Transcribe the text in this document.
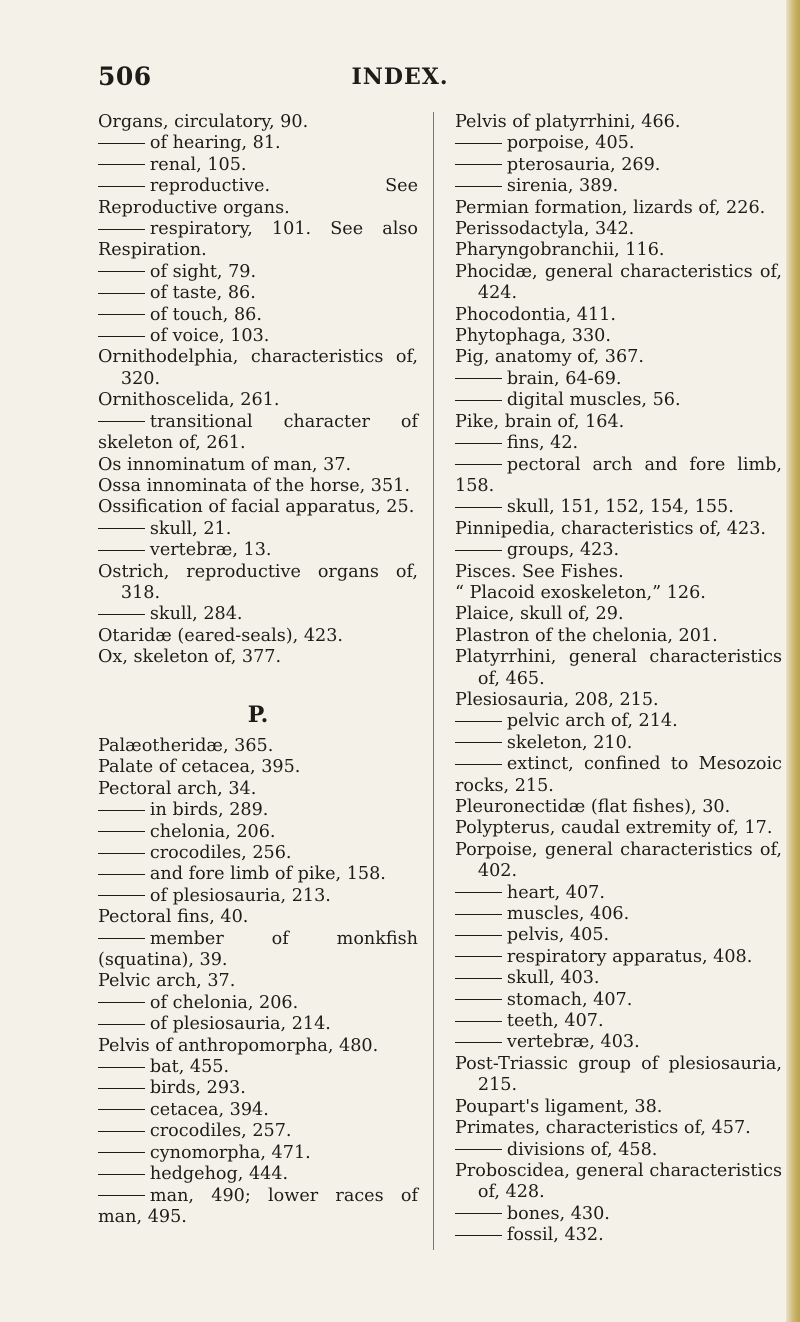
506	INDEX.

Organs, circulatory, 90.

of hearing, 81.

renal, 105.

reproductive. See Reproductive organs.

respiratory, 101. See also Respiration.

of sight, 79.

of taste, 86.

of touch, 86.

of voice, 103.

Ornithodelphia, characteristics of, 320.

Ornithoscelida, 261.

transitional character of skeleton of, 261.

Os innominatum of man, 37.

Ossa innominata of the horse, 351.

Ossification of facial apparatus, 25.

skull, 21.

vertebræ, 13.

Ostrich, reproductive organs of, 318.

skull, 284.

Otaridæ (eared-seals), 423.

Ox, skeleton of, 377.

P.

Palæotheridæ, 365.

Palate of cetacea, 395.

Pectoral arch, 34.

in birds, 289.

chelonia, 206.

crocodiles, 256.

and fore limb of pike, 158.

of plesiosauria, 213.

Pectoral fins, 40.

member of monkfish (squatina), 39.

Pelvic arch, 37.

of chelonia, 206.

of plesiosauria, 214.

Pelvis of anthropomorpha, 480.

bat, 455.

birds, 293.

cetacea, 394.

crocodiles, 257.

cynomorpha, 471.

hedgehog, 444.

man, 490; lower races of man, 495.

Pelvis of platyrrhini, 466.

porpoise, 405.

pterosauria, 269.

sirenia, 389.

Permian formation, lizards of, 226.

Perissodactyla, 342.

Pharyngobranchii, 116.

Phocidæ, general characteristics of, 424.

Phocodontia, 411.

Phytophaga, 330.

Pig, anatomy of, 367.

brain, 64-69.

digital muscles, 56.

Pike, brain of, 164.

fins, 42.

pectoral arch and fore limb, 158.

skull, 151, 152, 154, 155.

Pinnipedia, characteristics of, 423.

groups, 423.

Pisces. See Fishes.

“ Placoid exoskeleton,” 126.

Plaice, skull of, 29.

Plastron of the chelonia, 201.

Platyrrhini, general characteristics of, 465.

Plesiosauria, 208, 215.

pelvic arch of, 214.

skeleton, 210.

extinct, confined to Mesozoic rocks, 215.

Pleuronectidæ (flat fishes), 30.

Polypterus, caudal extremity of, 17.

Porpoise, general characteristics of, 402.

heart, 407.

muscles, 406.

pelvis, 405.

respiratory apparatus, 408.

skull, 403.

stomach, 407.

teeth, 407.

vertebræ, 403.

Post-Triassic group of plesiosauria, 215.

Poupart's ligament, 38.

Primates, characteristics of, 457.

divisions of, 458.

Proboscidea, general characteristics of, 428.

bones, 430.

fossil, 432.
